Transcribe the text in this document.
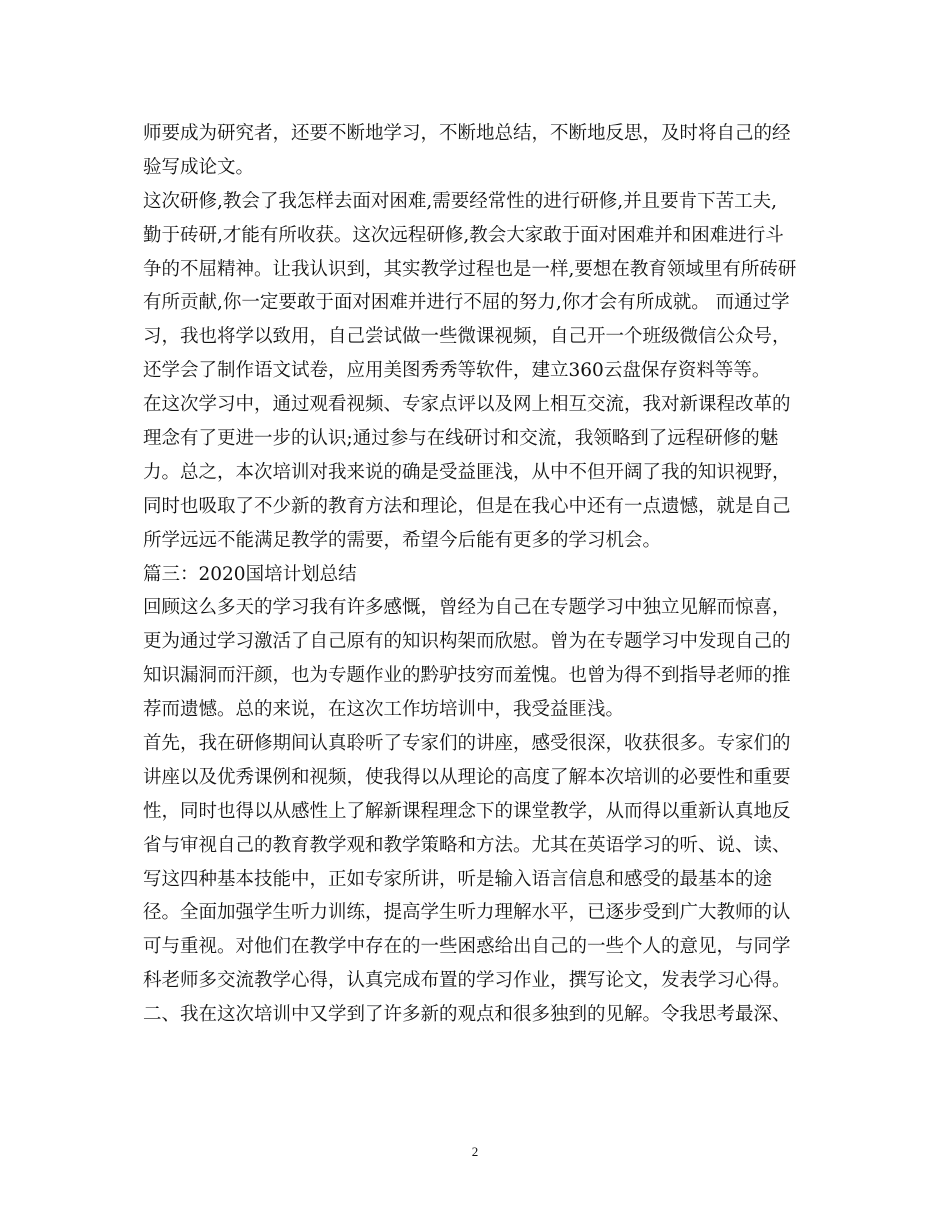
师要成为研究者，还要不断地学习，不断地总结，不断地反思，及时将自己的经
验写成论文。
这次研修,教会了我怎样去面对困难,需要经常性的进行研修,并且要肯下苦工夫,
勤于砖研,才能有所收获。这次远程研修,教会大家敢于面对困难并和困难进行斗
争的不屈精神。让我认识到，其实教学过程也是一样,要想在教育领域里有所砖研
有所贡献,你一定要敢于面对困难并进行不屈的努力,你才会有所成就。 而通过学
习，我也将学以致用，自己尝试做一些微课视频，自己开一个班级微信公众号，
还学会了制作语文试卷，应用美图秀秀等软件，建立360云盘保存资料等等。
在这次学习中，通过观看视频、专家点评以及网上相互交流，我对新课程改革的
理念有了更进一步的认识;通过参与在线研讨和交流，我领略到了远程研修的魅
力。总之，本次培训对我来说的确是受益匪浅，从中不但开阔了我的知识视野，
同时也吸取了不少新的教育方法和理论，但是在我心中还有一点遗憾，就是自己
所学远远不能满足教学的需要，希望今后能有更多的学习机会。
篇三：2020国培计划总结
回顾这么多天的学习我有许多感慨，曾经为自己在专题学习中独立见解而惊喜，
更为通过学习激活了自己原有的知识构架而欣慰。曾为在专题学习中发现自己的
知识漏洞而汗颜，也为专题作业的黔驴技穷而羞愧。也曾为得不到指导老师的推
荐而遗憾。总的来说，在这次工作坊培训中，我受益匪浅。
首先，我在研修期间认真聆听了专家们的讲座，感受很深，收获很多。专家们的
讲座以及优秀课例和视频，使我得以从理论的高度了解本次培训的必要性和重要
性，同时也得以从感性上了解新课程理念下的课堂教学，从而得以重新认真地反
省与审视自己的教育教学观和教学策略和方法。尤其在英语学习的听、说、读、
写这四种基本技能中，正如专家所讲，听是输入语言信息和感受的最基本的途
径。全面加强学生听力训练，提高学生听力理解水平，已逐步受到广大教师的认
可与重视。对他们在教学中存在的一些困惑给出自己的一些个人的意见，与同学
科老师多交流教学心得，认真完成布置的学习作业，撰写论文，发表学习心得。
二、我在这次培训中又学到了许多新的观点和很多独到的见解。令我思考最深、
2
